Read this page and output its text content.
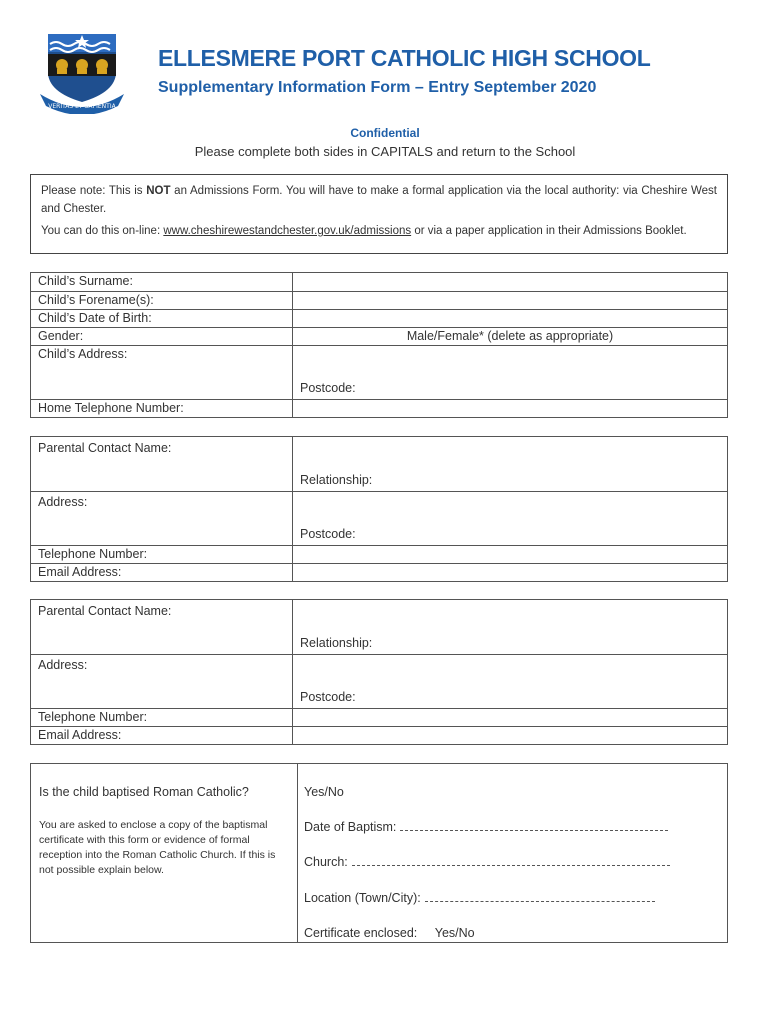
VERITAS ET SAPIENTIA
ELLESMERE PORT CATHOLIC HIGH SCHOOL
Supplementary Information Form – Entry September 2020
Confidential
Please complete both sides in CAPITALS and return to the School

Please note: This is NOT an Admissions Form. You will have to make a formal application via the local authority: via Cheshire West and Chester.

You can do this on-line: www.cheshirewestandchester.gov.uk/admissions or via a paper application in their Admissions Booklet.

Child’s Surname:	
Child’s Forename(s):	
Child’s Date of Birth:	
Gender:	Male/Female* (delete as appropriate)
Child’s Address:	Postcode:
Home Telephone Number:	
Parental Contact Name:	Relationship:
Address:	Postcode:
Telephone Number:	
Email Address:	
Parental Contact Name:	Relationship:
Address:	Postcode:
Telephone Number:	
Email Address:	
Is the child baptised Roman Catholic?
You are asked to enclose a copy of the baptismal certificate with this form or evidence of formal reception into the Roman Catholic Church. If this is not possible explain below.
Yes/No
Date of Baptism:
Church:
Location (Town/City):
Certificate enclosed: Yes/No
